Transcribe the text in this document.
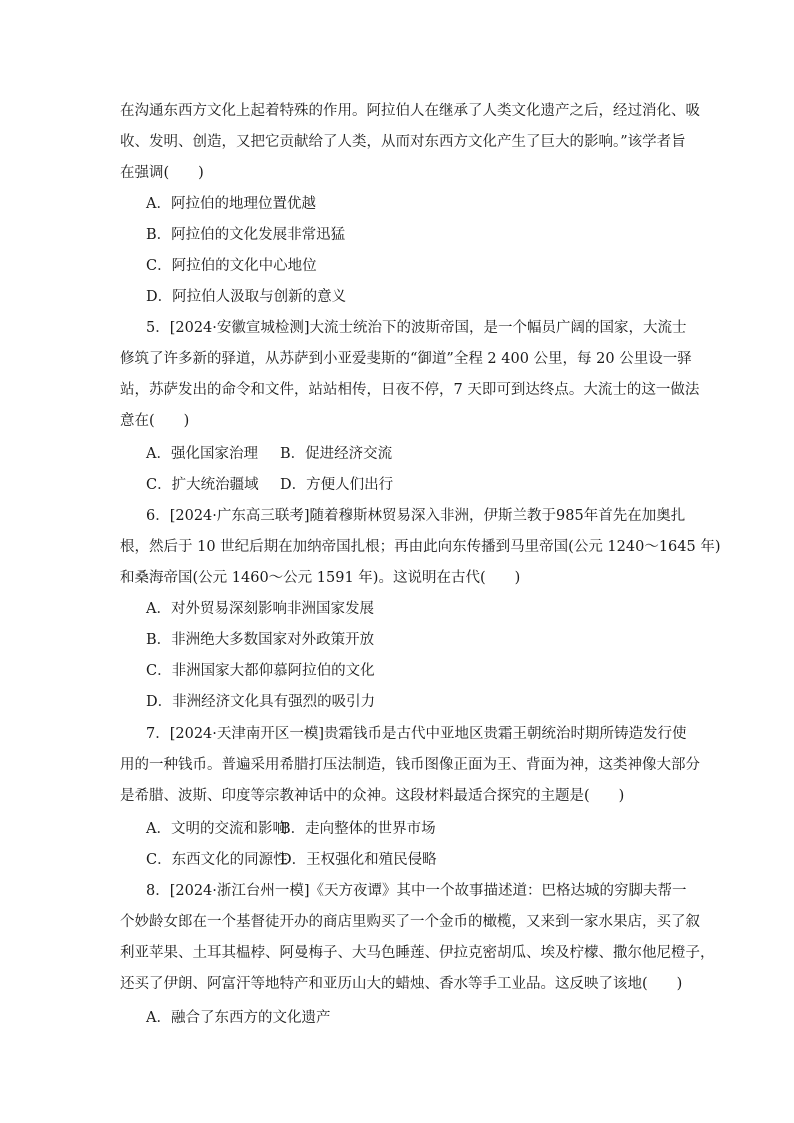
在沟通东西方文化上起着特殊的作用。阿拉伯人在继承了人类文化遗产之后，经过消化、吸
收、发明、创造，又把它贡献给了人类，从而对东西方文化产生了巨大的影响。”该学者旨
在强调(　　)
A．阿拉伯的地理位置优越
B．阿拉伯的文化发展非常迅猛
C．阿拉伯的文化中心地位
D．阿拉伯人汲取与创新的意义
5．[2024·安徽宣城检测]大流士统治下的波斯帝国，是一个幅员广阔的国家，大流士
修筑了许多新的驿道，从苏萨到小亚爱斐斯的“御道”全程 2 400 公里，每 20 公里设一驿
站，苏萨发出的命令和文件，站站相传，日夜不停，7 天即可到达终点。大流士的这一做法
意在(　　)
A．强化国家治理 B．促进经济交流
C．扩大统治疆域 D．方便人们出行
6．[2024·广东高三联考]随着穆斯林贸易深入非洲，伊斯兰教于985年首先在加奥扎
根，然后于 10 世纪后期在加纳帝国扎根；再由此向东传播到马里帝国(公元 1240～1645 年)
和桑海帝国(公元 1460～公元 1591 年)。这说明在古代(　　)
A．对外贸易深刻影响非洲国家发展
B．非洲绝大多数国家对外政策开放
C．非洲国家大都仰慕阿拉伯的文化
D．非洲经济文化具有强烈的吸引力
7．[2024·天津南开区一模]贵霜钱币是古代中亚地区贵霜王朝统治时期所铸造发行使
用的一种钱币。普遍采用希腊打压法制造，钱币图像正面为王、背面为神，这类神像大部分
是希腊、波斯、印度等宗教神话中的众神。这段材料最适合探究的主题是(　　)
A．文明的交流和影响B．走向整体的世界市场
C．东西文化的同源性D．王权强化和殖民侵略
8．[2024·浙江台州一模]《天方夜谭》其中一个故事描述道：巴格达城的穷脚夫帮一
个妙龄女郎在一个基督徒开办的商店里购买了一个金币的橄榄，又来到一家水果店，买了叙
利亚苹果、土耳其榅桲、阿曼梅子、大马色睡莲、伊拉克密胡瓜、埃及柠檬、撒尔他尼橙子，
还买了伊朗、阿富汗等地特产和亚历山大的蜡烛、香水等手工业品。这反映了该地(　　)
A．融合了东西方的文化遗产
